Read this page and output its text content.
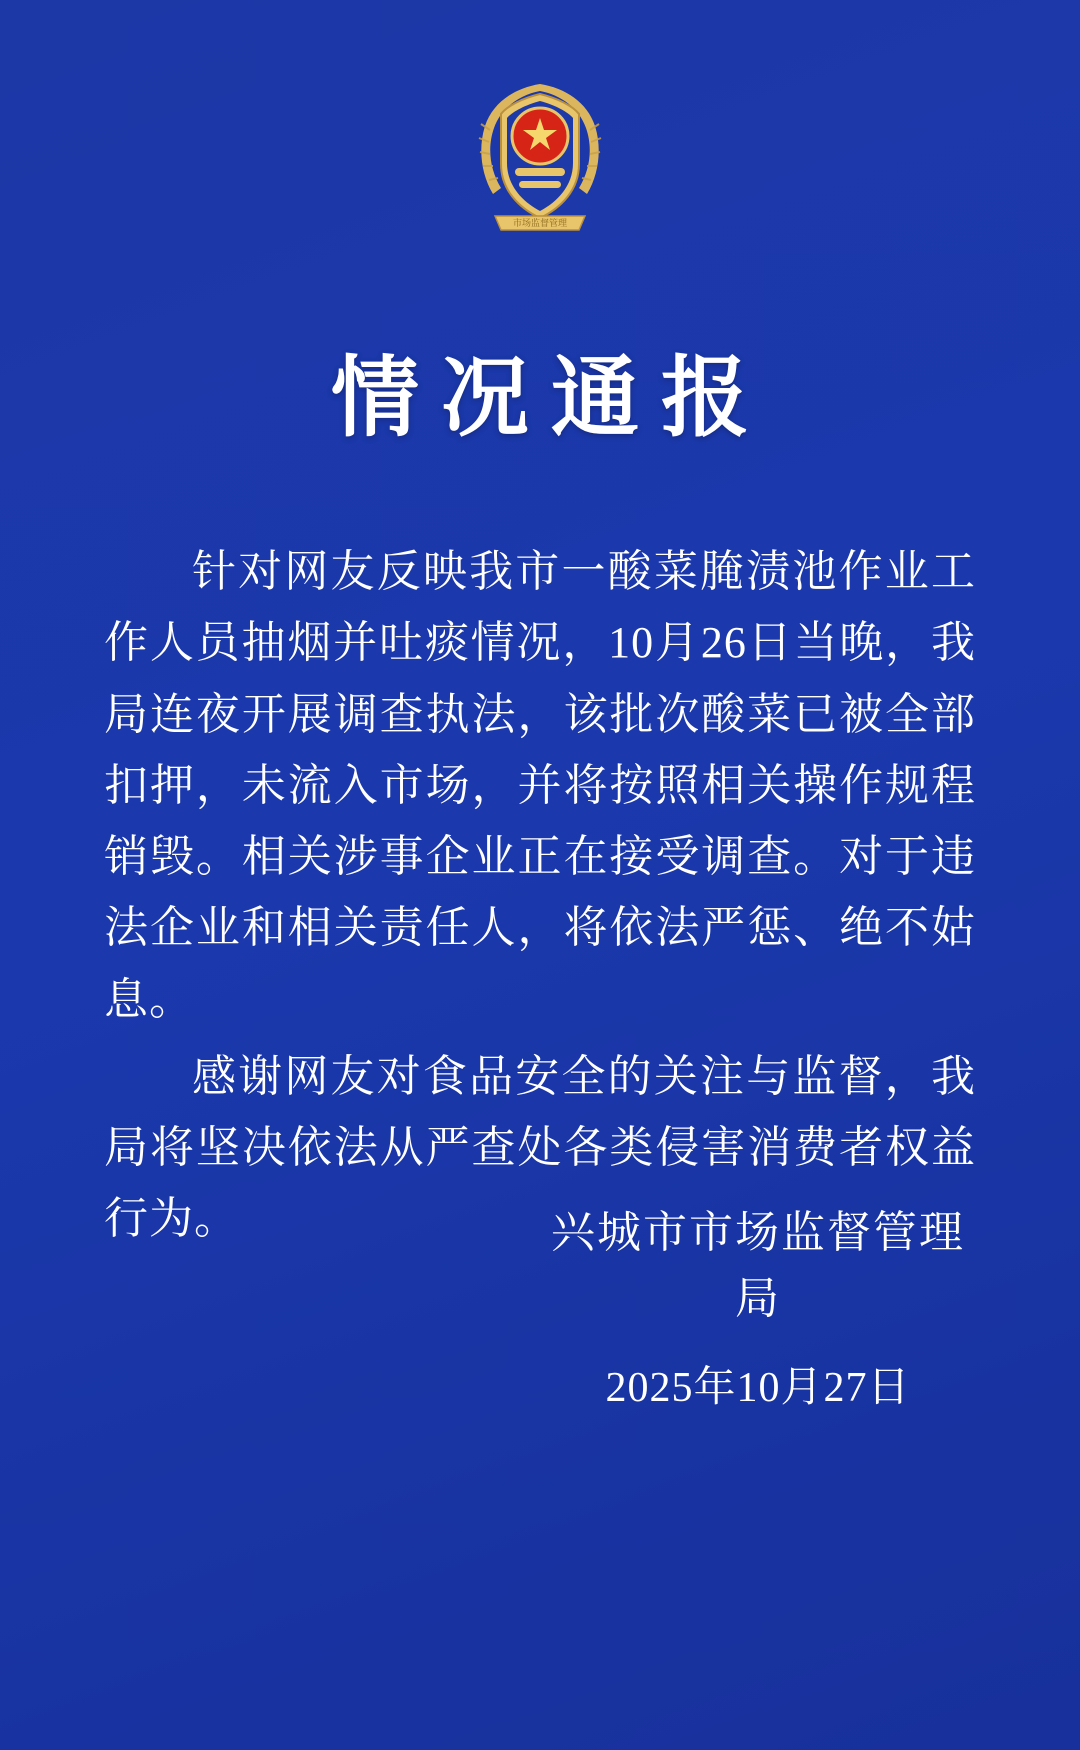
市场监督管理
情况通报

针对网友反映我市一酸菜腌渍池作业工作人员抽烟并吐痰情况，10月26日当晚，我局连夜开展调查执法，该批次酸菜已被全部扣押，未流入市场，并将按照相关操作规程销毁。相关涉事企业正在接受调查。对于违法企业和相关责任人，将依法严惩、绝不姑息。

感谢网友对食品安全的关注与监督，我局将坚决依法从严查处各类侵害消费者权益行为。	兴城市市场监督管理局
2025年10月27日
